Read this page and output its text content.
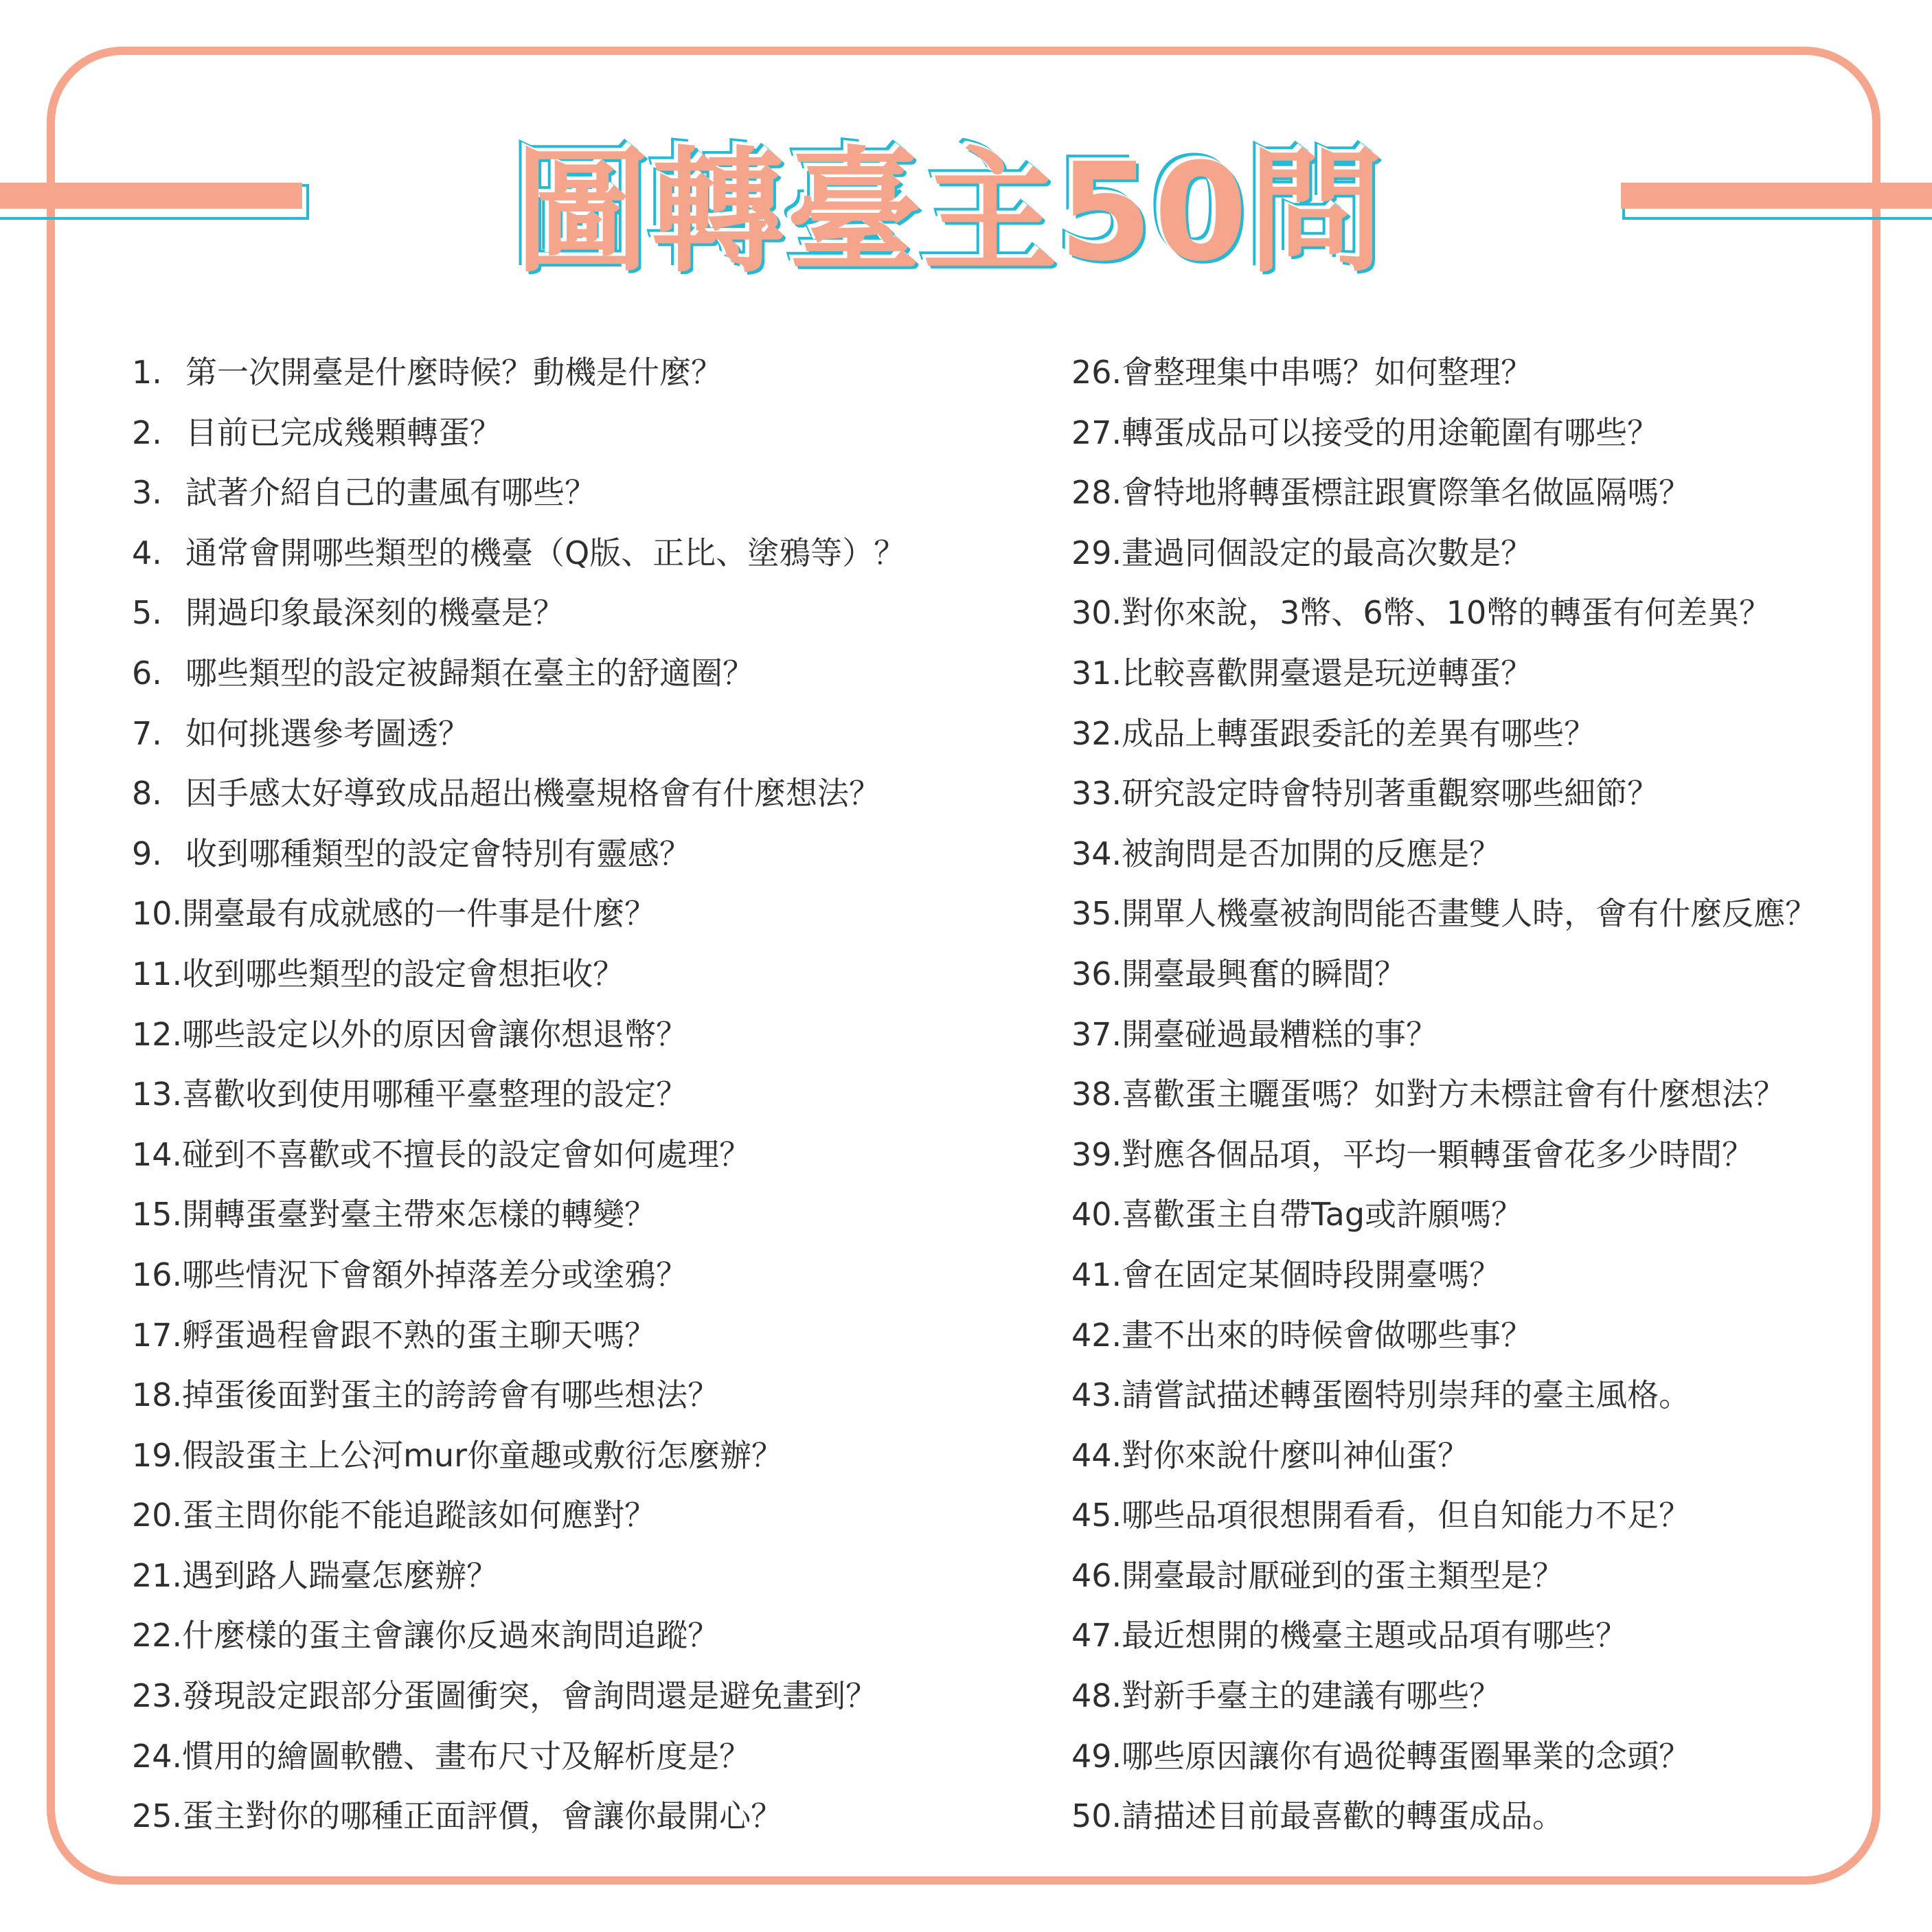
圖轉臺主50問
1. 第一次開臺是什麼時候？動機是什麼？
2. 目前已完成幾顆轉蛋？
3. 試著介紹自己的畫風有哪些？
4. 通常會開哪些類型的機臺（Q版、正比、塗鴉等）？
5. 開過印象最深刻的機臺是？
6. 哪些類型的設定被歸類在臺主的舒適圈？
7. 如何挑選參考圖透？
8. 因手感太好導致成品超出機臺規格會有什麼想法？
9. 收到哪種類型的設定會特別有靈感？
10. 開臺最有成就感的一件事是什麼？
11. 收到哪些類型的設定會想拒收？
12. 哪些設定以外的原因會讓你想退幣？
13. 喜歡收到使用哪種平臺整理的設定？
14. 碰到不喜歡或不擅長的設定會如何處理？
15. 開轉蛋臺對臺主帶來怎樣的轉變？
16. 哪些情況下會額外掉落差分或塗鴉？
17. 孵蛋過程會跟不熟的蛋主聊天嗎？
18. 掉蛋後面對蛋主的誇誇會有哪些想法？
19. 假設蛋主上公河mur你童趣或敷衍怎麼辦？
20. 蛋主問你能不能追蹤該如何應對？
21. 遇到路人踹臺怎麼辦？
22. 什麼樣的蛋主會讓你反過來詢問追蹤？
23. 發現設定跟部分蛋圖衝突，會詢問還是避免畫到？
24. 慣用的繪圖軟體、畫布尺寸及解析度是？
25. 蛋主對你的哪種正面評價，會讓你最開心？
26. 會整理集中串嗎？如何整理？
27. 轉蛋成品可以接受的用途範圍有哪些？
28. 會特地將轉蛋標註跟實際筆名做區隔嗎？
29. 畫過同個設定的最高次數是？
30. 對你來說，3幣、6幣、10幣的轉蛋有何差異？
31. 比較喜歡開臺還是玩逆轉蛋？
32. 成品上轉蛋跟委託的差異有哪些？
33. 研究設定時會特別著重觀察哪些細節？
34. 被詢問是否加開的反應是？
35. 開單人機臺被詢問能否畫雙人時，會有什麼反應？
36. 開臺最興奮的瞬間？
37. 開臺碰過最糟糕的事？
38. 喜歡蛋主曬蛋嗎？如對方未標註會有什麼想法？
39. 對應各個品項，平均一顆轉蛋會花多少時間？
40. 喜歡蛋主自帶Tag或許願嗎？
41. 會在固定某個時段開臺嗎？
42. 畫不出來的時候會做哪些事？
43. 請嘗試描述轉蛋圈特別崇拜的臺主風格。
44. 對你來說什麼叫神仙蛋？
45. 哪些品項很想開看看，但自知能力不足？
46. 開臺最討厭碰到的蛋主類型是？
47. 最近想開的機臺主題或品項有哪些？
48. 對新手臺主的建議有哪些？
49. 哪些原因讓你有過從轉蛋圈畢業的念頭？
50. 請描述目前最喜歡的轉蛋成品。
